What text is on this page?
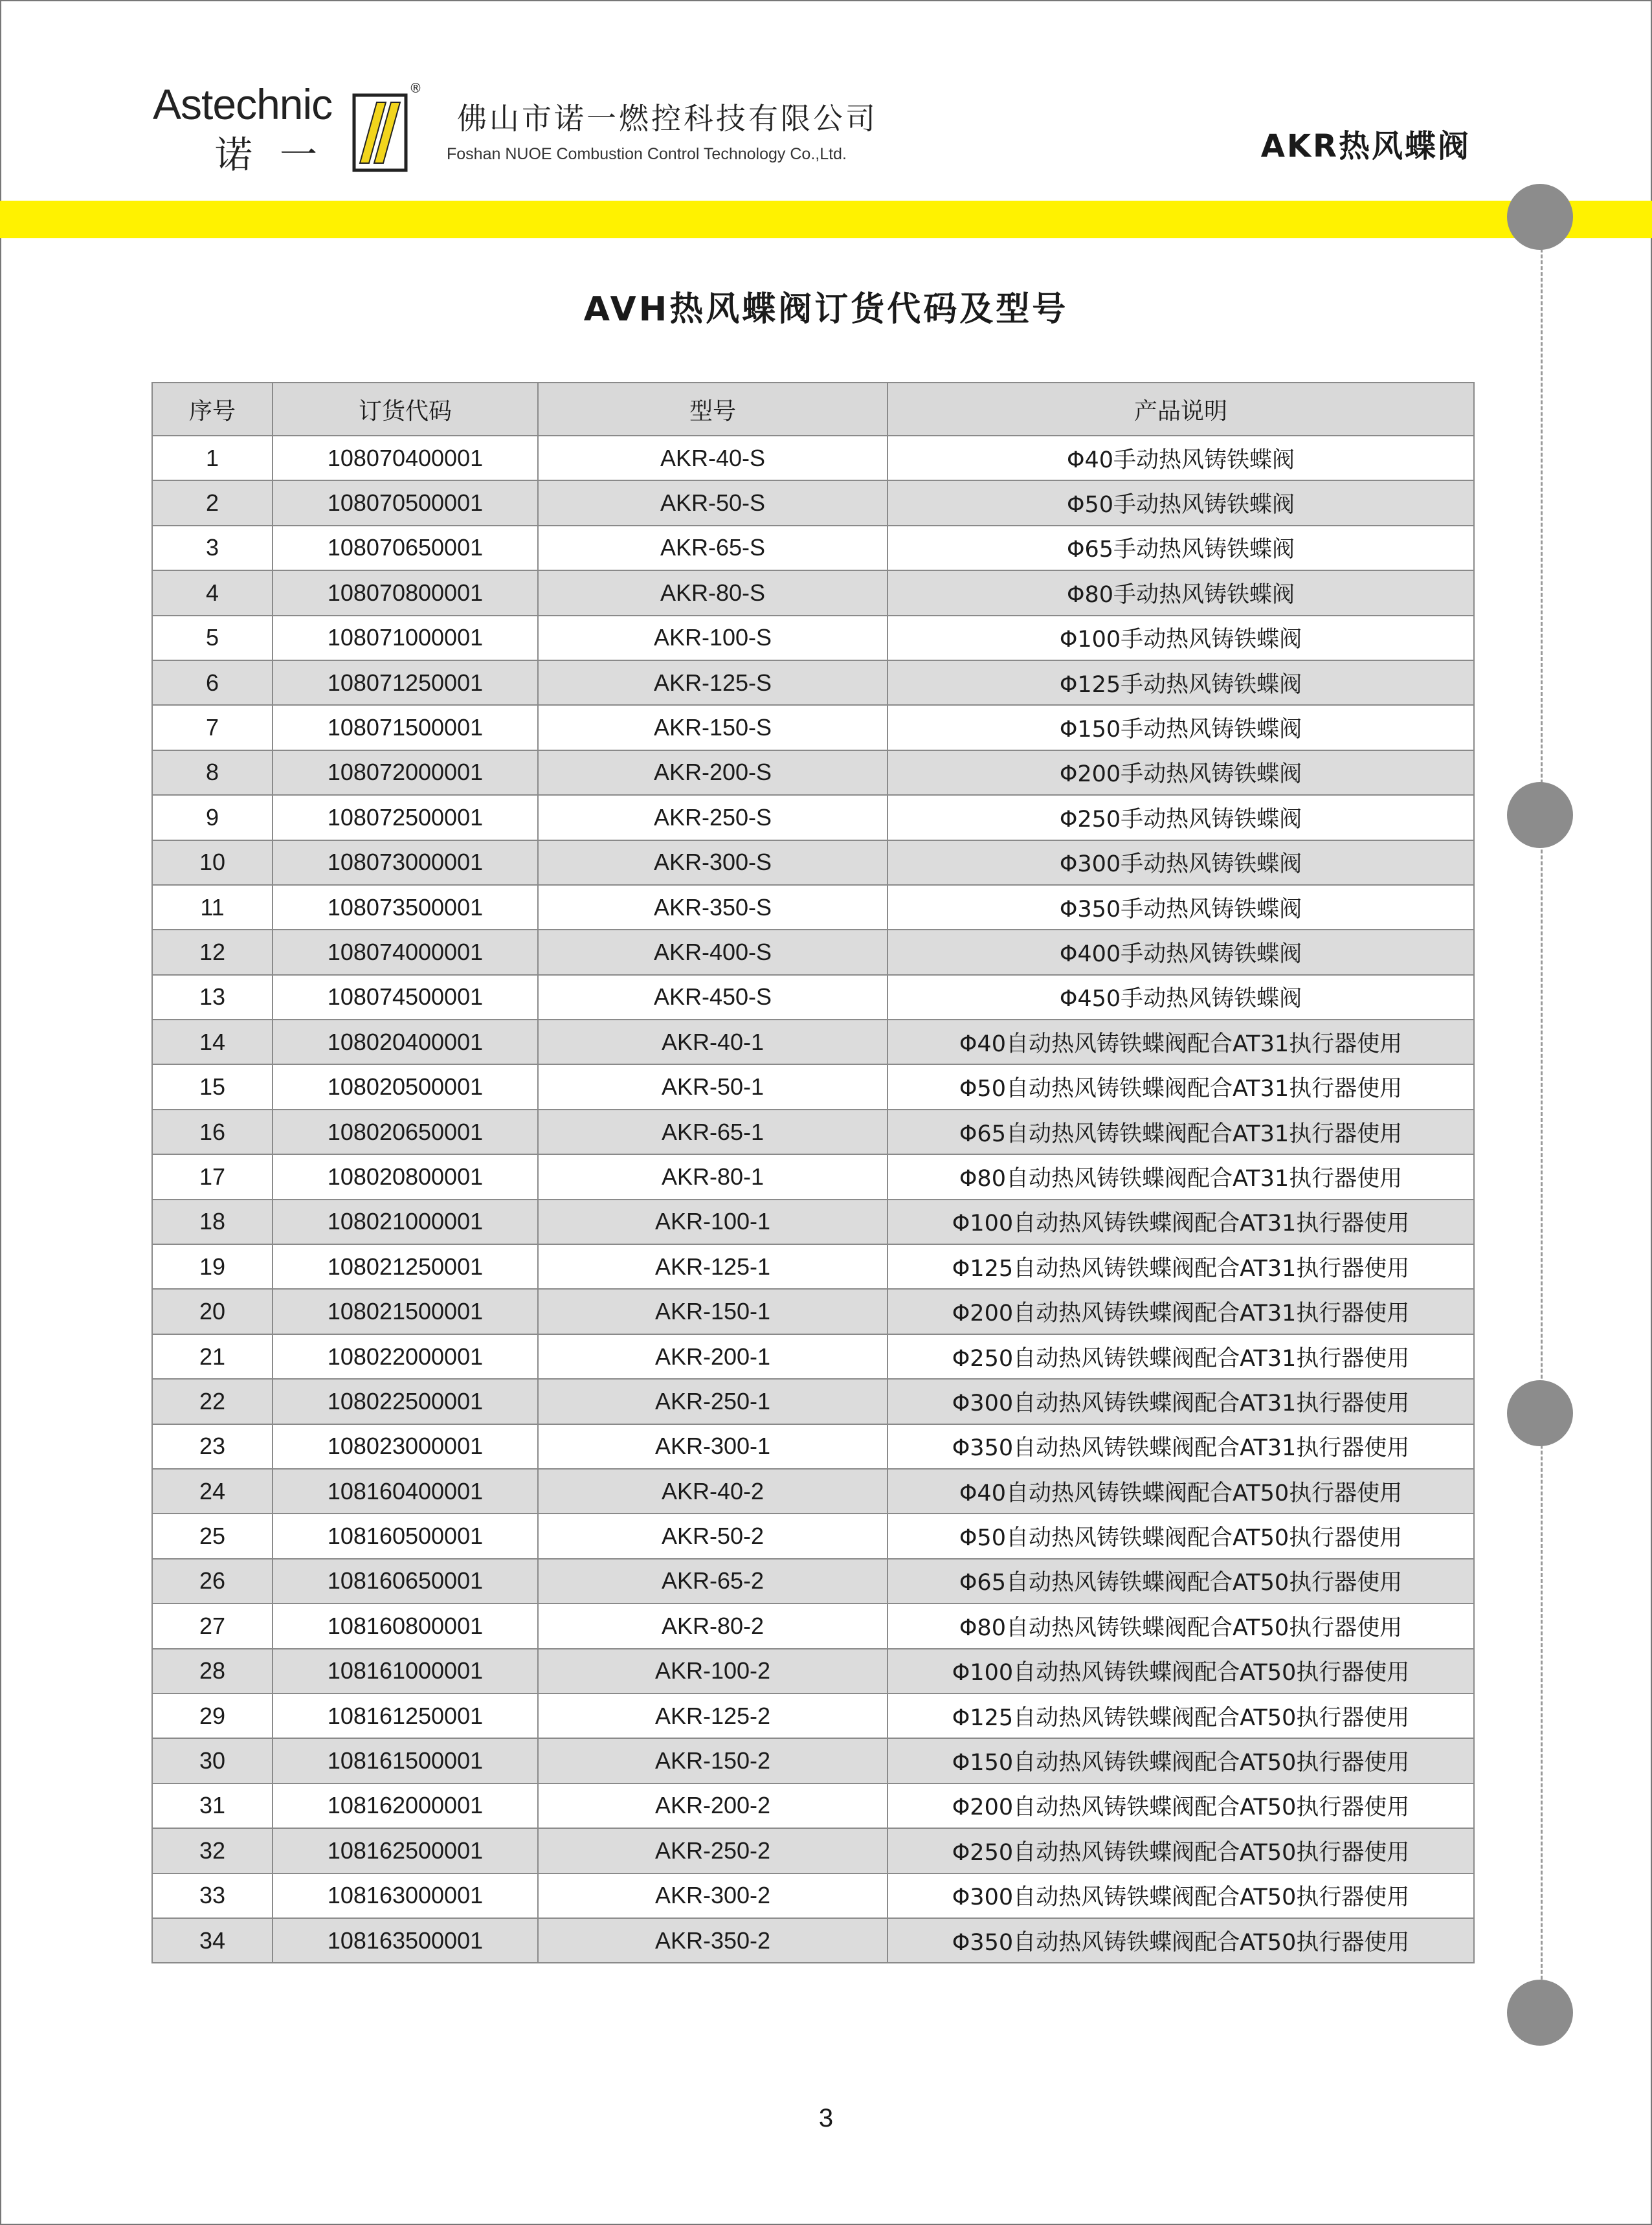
Astechnic
诺一
®
佛山市诺一燃控科技有限公司
Foshan NUOE Combustion Control Technology Co.,Ltd.	AKR热风蝶阀
AVH热风蝶阀订货代码及型号
序号	订货代码	型号	产品说明
1	108070400001	AKR-40-S	Φ40手动热风铸铁蝶阀
2	108070500001	AKR-50-S	Φ50手动热风铸铁蝶阀
3	108070650001	AKR-65-S	Φ65手动热风铸铁蝶阀
4	108070800001	AKR-80-S	Φ80手动热风铸铁蝶阀
5	108071000001	AKR-100-S	Φ100手动热风铸铁蝶阀
6	108071250001	AKR-125-S	Φ125手动热风铸铁蝶阀
7	108071500001	AKR-150-S	Φ150手动热风铸铁蝶阀
8	108072000001	AKR-200-S	Φ200手动热风铸铁蝶阀
9	108072500001	AKR-250-S	Φ250手动热风铸铁蝶阀
10	108073000001	AKR-300-S	Φ300手动热风铸铁蝶阀
11	108073500001	AKR-350-S	Φ350手动热风铸铁蝶阀
12	108074000001	AKR-400-S	Φ400手动热风铸铁蝶阀
13	108074500001	AKR-450-S	Φ450手动热风铸铁蝶阀
14	108020400001	AKR-40-1	Φ40自动热风铸铁蝶阀配合AT31执行器使用
15	108020500001	AKR-50-1	Φ50自动热风铸铁蝶阀配合AT31执行器使用
16	108020650001	AKR-65-1	Φ65自动热风铸铁蝶阀配合AT31执行器使用
17	108020800001	AKR-80-1	Φ80自动热风铸铁蝶阀配合AT31执行器使用
18	108021000001	AKR-100-1	Φ100自动热风铸铁蝶阀配合AT31执行器使用
19	108021250001	AKR-125-1	Φ125自动热风铸铁蝶阀配合AT31执行器使用
20	108021500001	AKR-150-1	Φ200自动热风铸铁蝶阀配合AT31执行器使用
21	108022000001	AKR-200-1	Φ250自动热风铸铁蝶阀配合AT31执行器使用
22	108022500001	AKR-250-1	Φ300自动热风铸铁蝶阀配合AT31执行器使用
23	108023000001	AKR-300-1	Φ350自动热风铸铁蝶阀配合AT31执行器使用
24	108160400001	AKR-40-2	Φ40自动热风铸铁蝶阀配合AT50执行器使用
25	108160500001	AKR-50-2	Φ50自动热风铸铁蝶阀配合AT50执行器使用
26	108160650001	AKR-65-2	Φ65自动热风铸铁蝶阀配合AT50执行器使用
27	108160800001	AKR-80-2	Φ80自动热风铸铁蝶阀配合AT50执行器使用
28	108161000001	AKR-100-2	Φ100自动热风铸铁蝶阀配合AT50执行器使用
29	108161250001	AKR-125-2	Φ125自动热风铸铁蝶阀配合AT50执行器使用
30	108161500001	AKR-150-2	Φ150自动热风铸铁蝶阀配合AT50执行器使用
31	108162000001	AKR-200-2	Φ200自动热风铸铁蝶阀配合AT50执行器使用
32	108162500001	AKR-250-2	Φ250自动热风铸铁蝶阀配合AT50执行器使用
33	108163000001	AKR-300-2	Φ300自动热风铸铁蝶阀配合AT50执行器使用
34	108163500001	AKR-350-2	Φ350自动热风铸铁蝶阀配合AT50执行器使用
3
